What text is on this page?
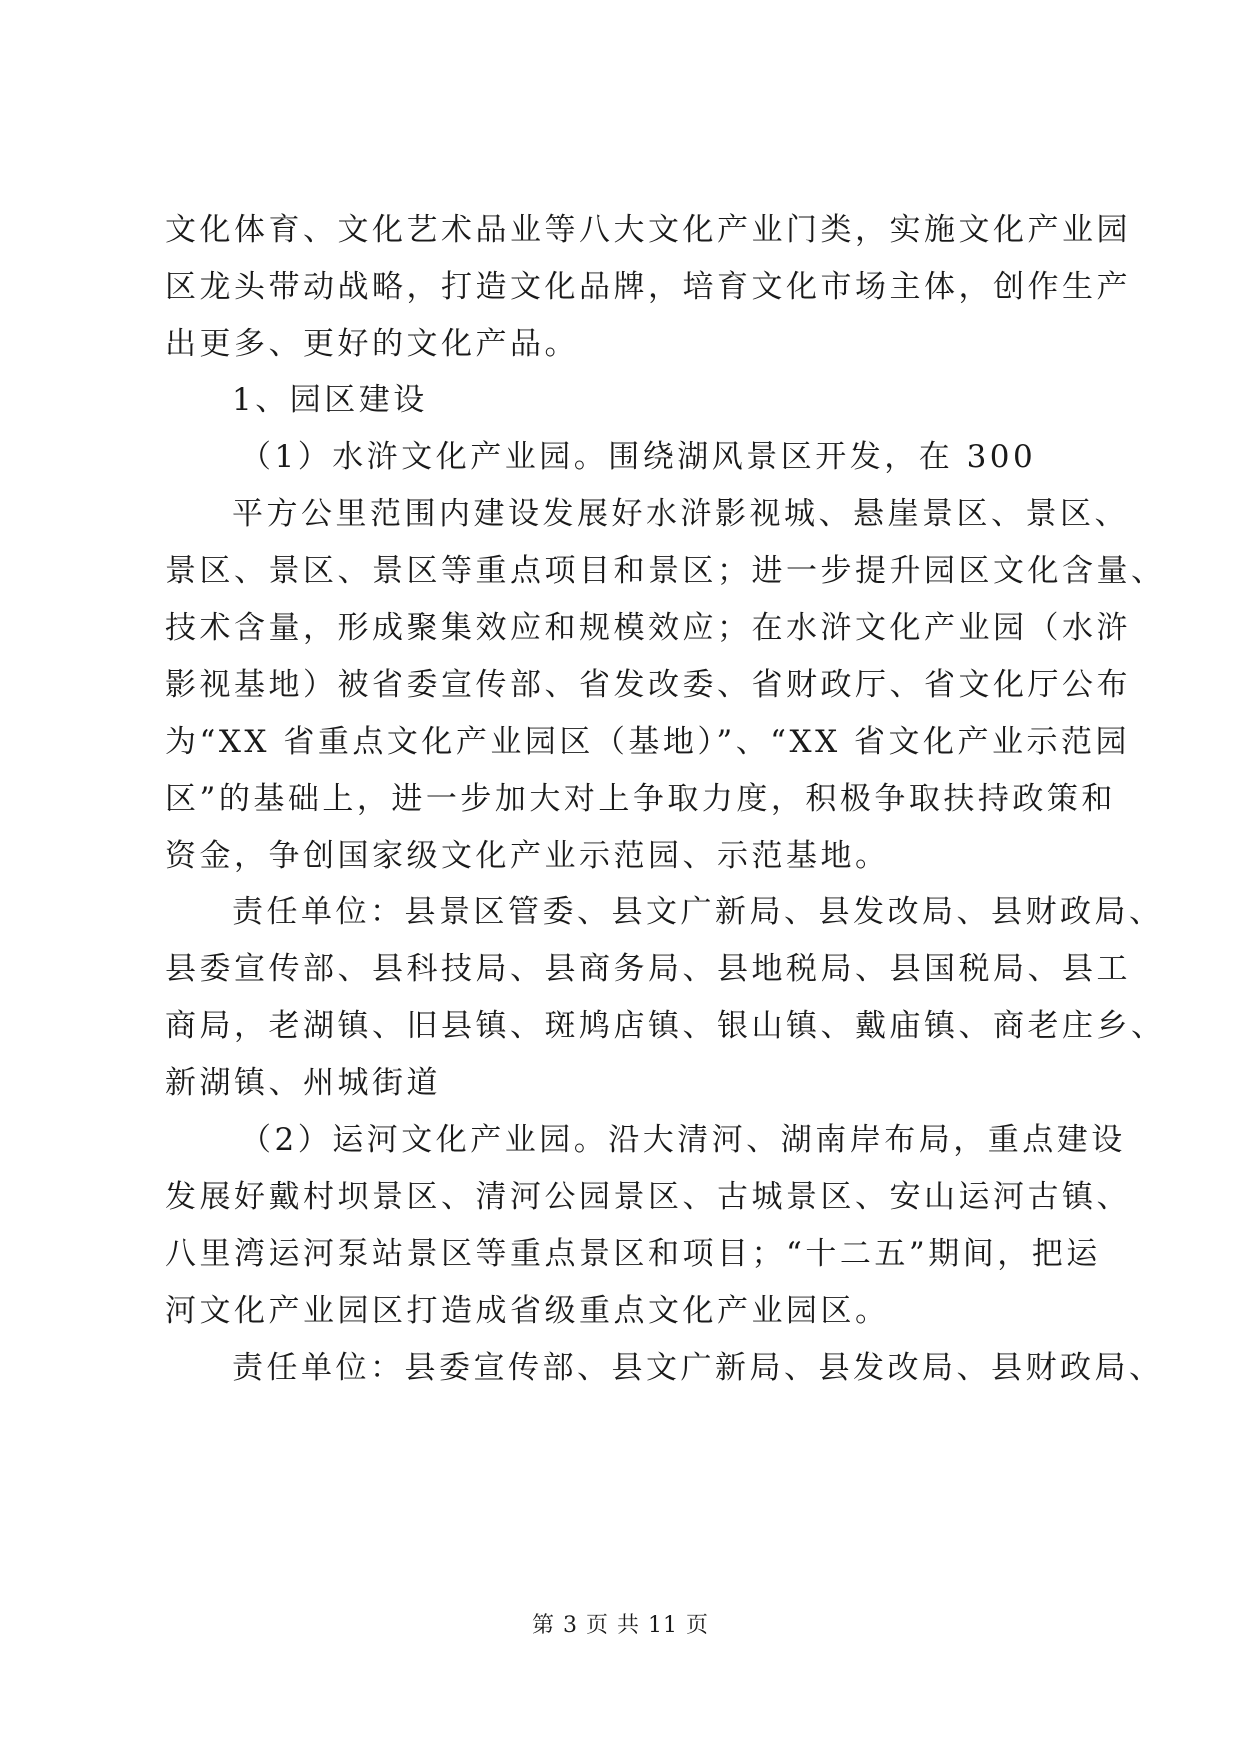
文化体育、文化艺术品业等八大文化产业门类，实施文化产业园
区龙头带动战略，打造文化品牌，培育文化市场主体，创作生产
出更多、更好的文化产品。
1、园区建设
（1）水浒文化产业园。围绕湖风景区开发，在 300
平方公里范围内建设发展好水浒影视城、悬崖景区、景区、
景区、景区、景区等重点项目和景区；进一步提升园区文化含量、
技术含量，形成聚集效应和规模效应；在水浒文化产业园（水浒
影视基地）被省委宣传部、省发改委、省财政厅、省文化厅公布
为“XX 省重点文化产业园区（基地）”、“XX 省文化产业示范园
区”的基础上，进一步加大对上争取力度，积极争取扶持政策和
资金，争创国家级文化产业示范园、示范基地。
责任单位：县景区管委、县文广新局、县发改局、县财政局、
县委宣传部、县科技局、县商务局、县地税局、县国税局、县工
商局，老湖镇、旧县镇、斑鸠店镇、银山镇、戴庙镇、商老庄乡、
新湖镇、州城街道
（2）运河文化产业园。沿大清河、湖南岸布局，重点建设
发展好戴村坝景区、清河公园景区、古城景区、安山运河古镇、
八里湾运河泵站景区等重点景区和项目；“十二五”期间，把运
河文化产业园区打造成省级重点文化产业园区。
责任单位：县委宣传部、县文广新局、县发改局、县财政局、
第 3 页 共 11 页
